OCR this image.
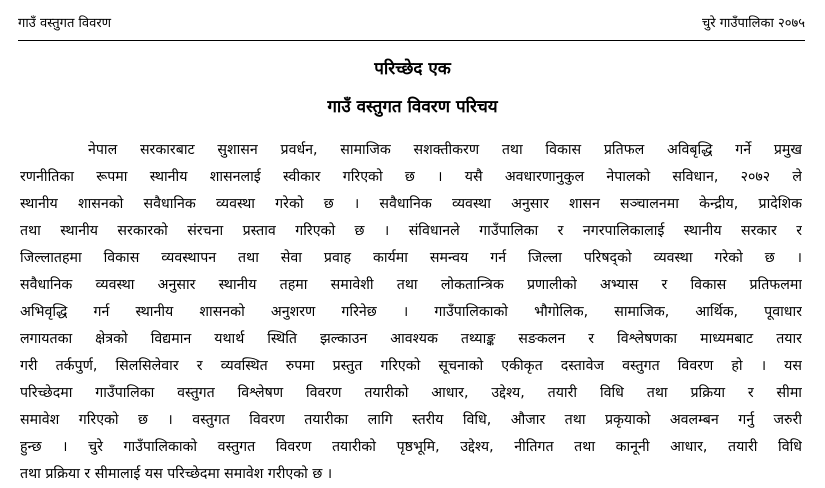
गाउँ वस्तुगत विवरण	चुरे गाउँपालिका २०७५
परिच्छेद एक
गाउँ वस्तुगत विवरण परिचय
नेपाल सरकारबाट सुशासन प्रवर्धन, सामाजिक सशक्तीकरण तथा विकास प्रतिफल अविबृद्धि गर्ने प्रमुख
रणनीतिका रूपमा स्थानीय शासनलाई स्वीकार गरिएको छ । यसै अवधारणानुकुल नेपालको सविधान, २०७२ ले
स्थानीय शासनको सवैधानिक व्यवस्था गरेको छ । सवैधानिक व्यवस्था अनुसार शासन सञ्चालनमा केन्द्रीय, प्रादेशिक
तथा स्थानीय सरकारको संरचना प्रस्ताव गरिएको छ । संविधानले गाउँपालिका र नगरपालिकालाई स्थानीय सरकार र
जिल्लातहमा विकास व्यवस्थापन तथा सेवा प्रवाह कार्यमा समन्वय गर्न जिल्ला परिषद्को व्यवस्था गरेको छ ।
सवैधानिक व्यवस्था अनुसार स्थानीय तहमा समावेशी तथा लोकतान्त्रिक प्रणालीको अभ्यास र विकास प्रतिफलमा
अभिवृद्धि गर्न स्थानीय शासनको अनुशरण गरिनेछ । गाउँपालिकाको भौगोलिक, सामाजिक, आर्थिक, पूवाधार
लगायतका क्षेत्रको विद्यमान यथार्थ स्थिति झल्काउन आवश्यक तथ्याङ्क सङकलन र विश्लेषणका माध्यमबाट तयार
गरी तर्कपुर्ण, सिलसिलेवार र व्यवस्थित रुपमा प्रस्तुत गरिएको सूचनाको एकीकृत दस्तावेज वस्तुगत विवरण हो । यस
परिच्छेदमा गाउँपालिका वस्तुगत विश्लेषण विवरण तयारीको आधार, उद्देश्य, तयारी विधि तथा प्रक्रिया र सीमा
समावेश गरिएको छ । वस्तुगत विवरण तयारीका लागि स्तरीय विधि, औजार तथा प्रकृयाको अवलम्बन गर्नु जरुरी
हुन्छ । चुरे गाउँपालिकाको वस्तुगत विवरण तयारीको पृष्ठभूमि, उद्देश्य, नीतिगत तथा कानूनी आधार, तयारी विधि
तथा प्रक्रिया र सीमालाई यस परिच्छेदमा समावेश गरीएको छ ।
